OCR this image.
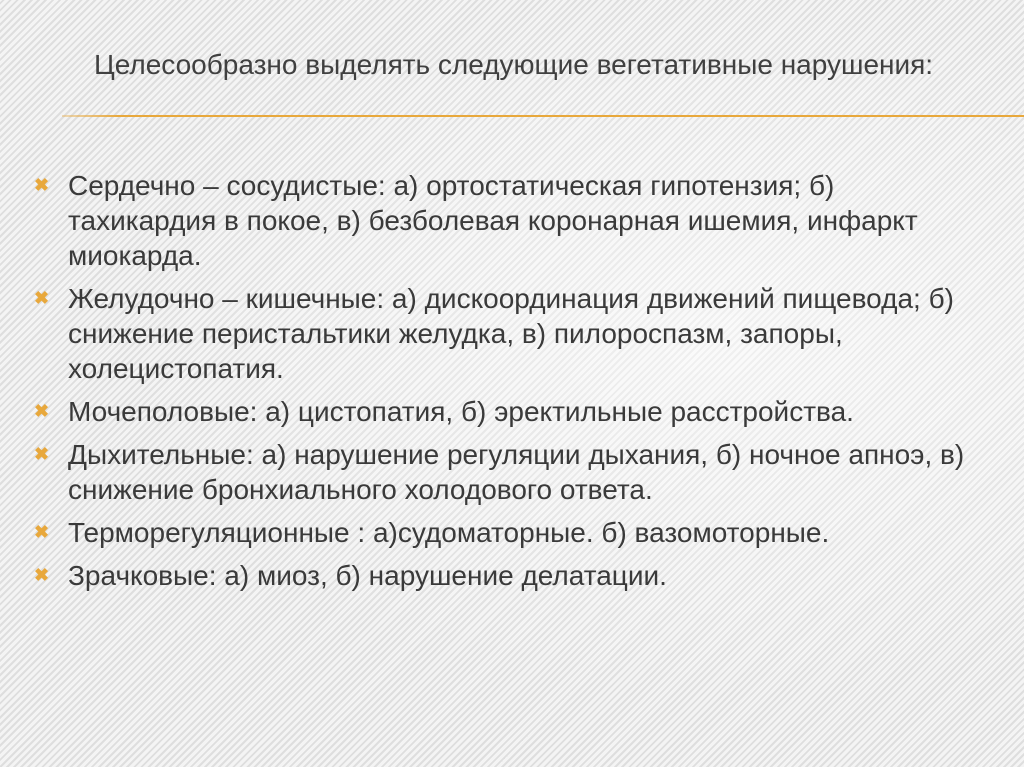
Целесообразно выделять следующие вегетативные нарушения:
✖ Сердечно – сосудистые: а) ортостатическая гипотензия; б) тахикардия в покое, в) безболевая коронарная ишемия, инфаркт миокарда.
✖ Желудочно – кишечные: а) дискоординация движений пищевода; б) снижение перистальтики желудка, в) пилороспазм, запоры, холецистопатия.
✖ Мочеполовые: а) цистопатия, б) эректильные расстройства.
✖ Дыхительные: а) нарушение регуляции дыхания, б) ночное апноэ, в) снижение бронхиального холодового ответа.
✖ Терморегуляционные : а)судоматорные. б) вазомоторные.
✖ Зрачковые: а) миоз, б) нарушение делатации.
